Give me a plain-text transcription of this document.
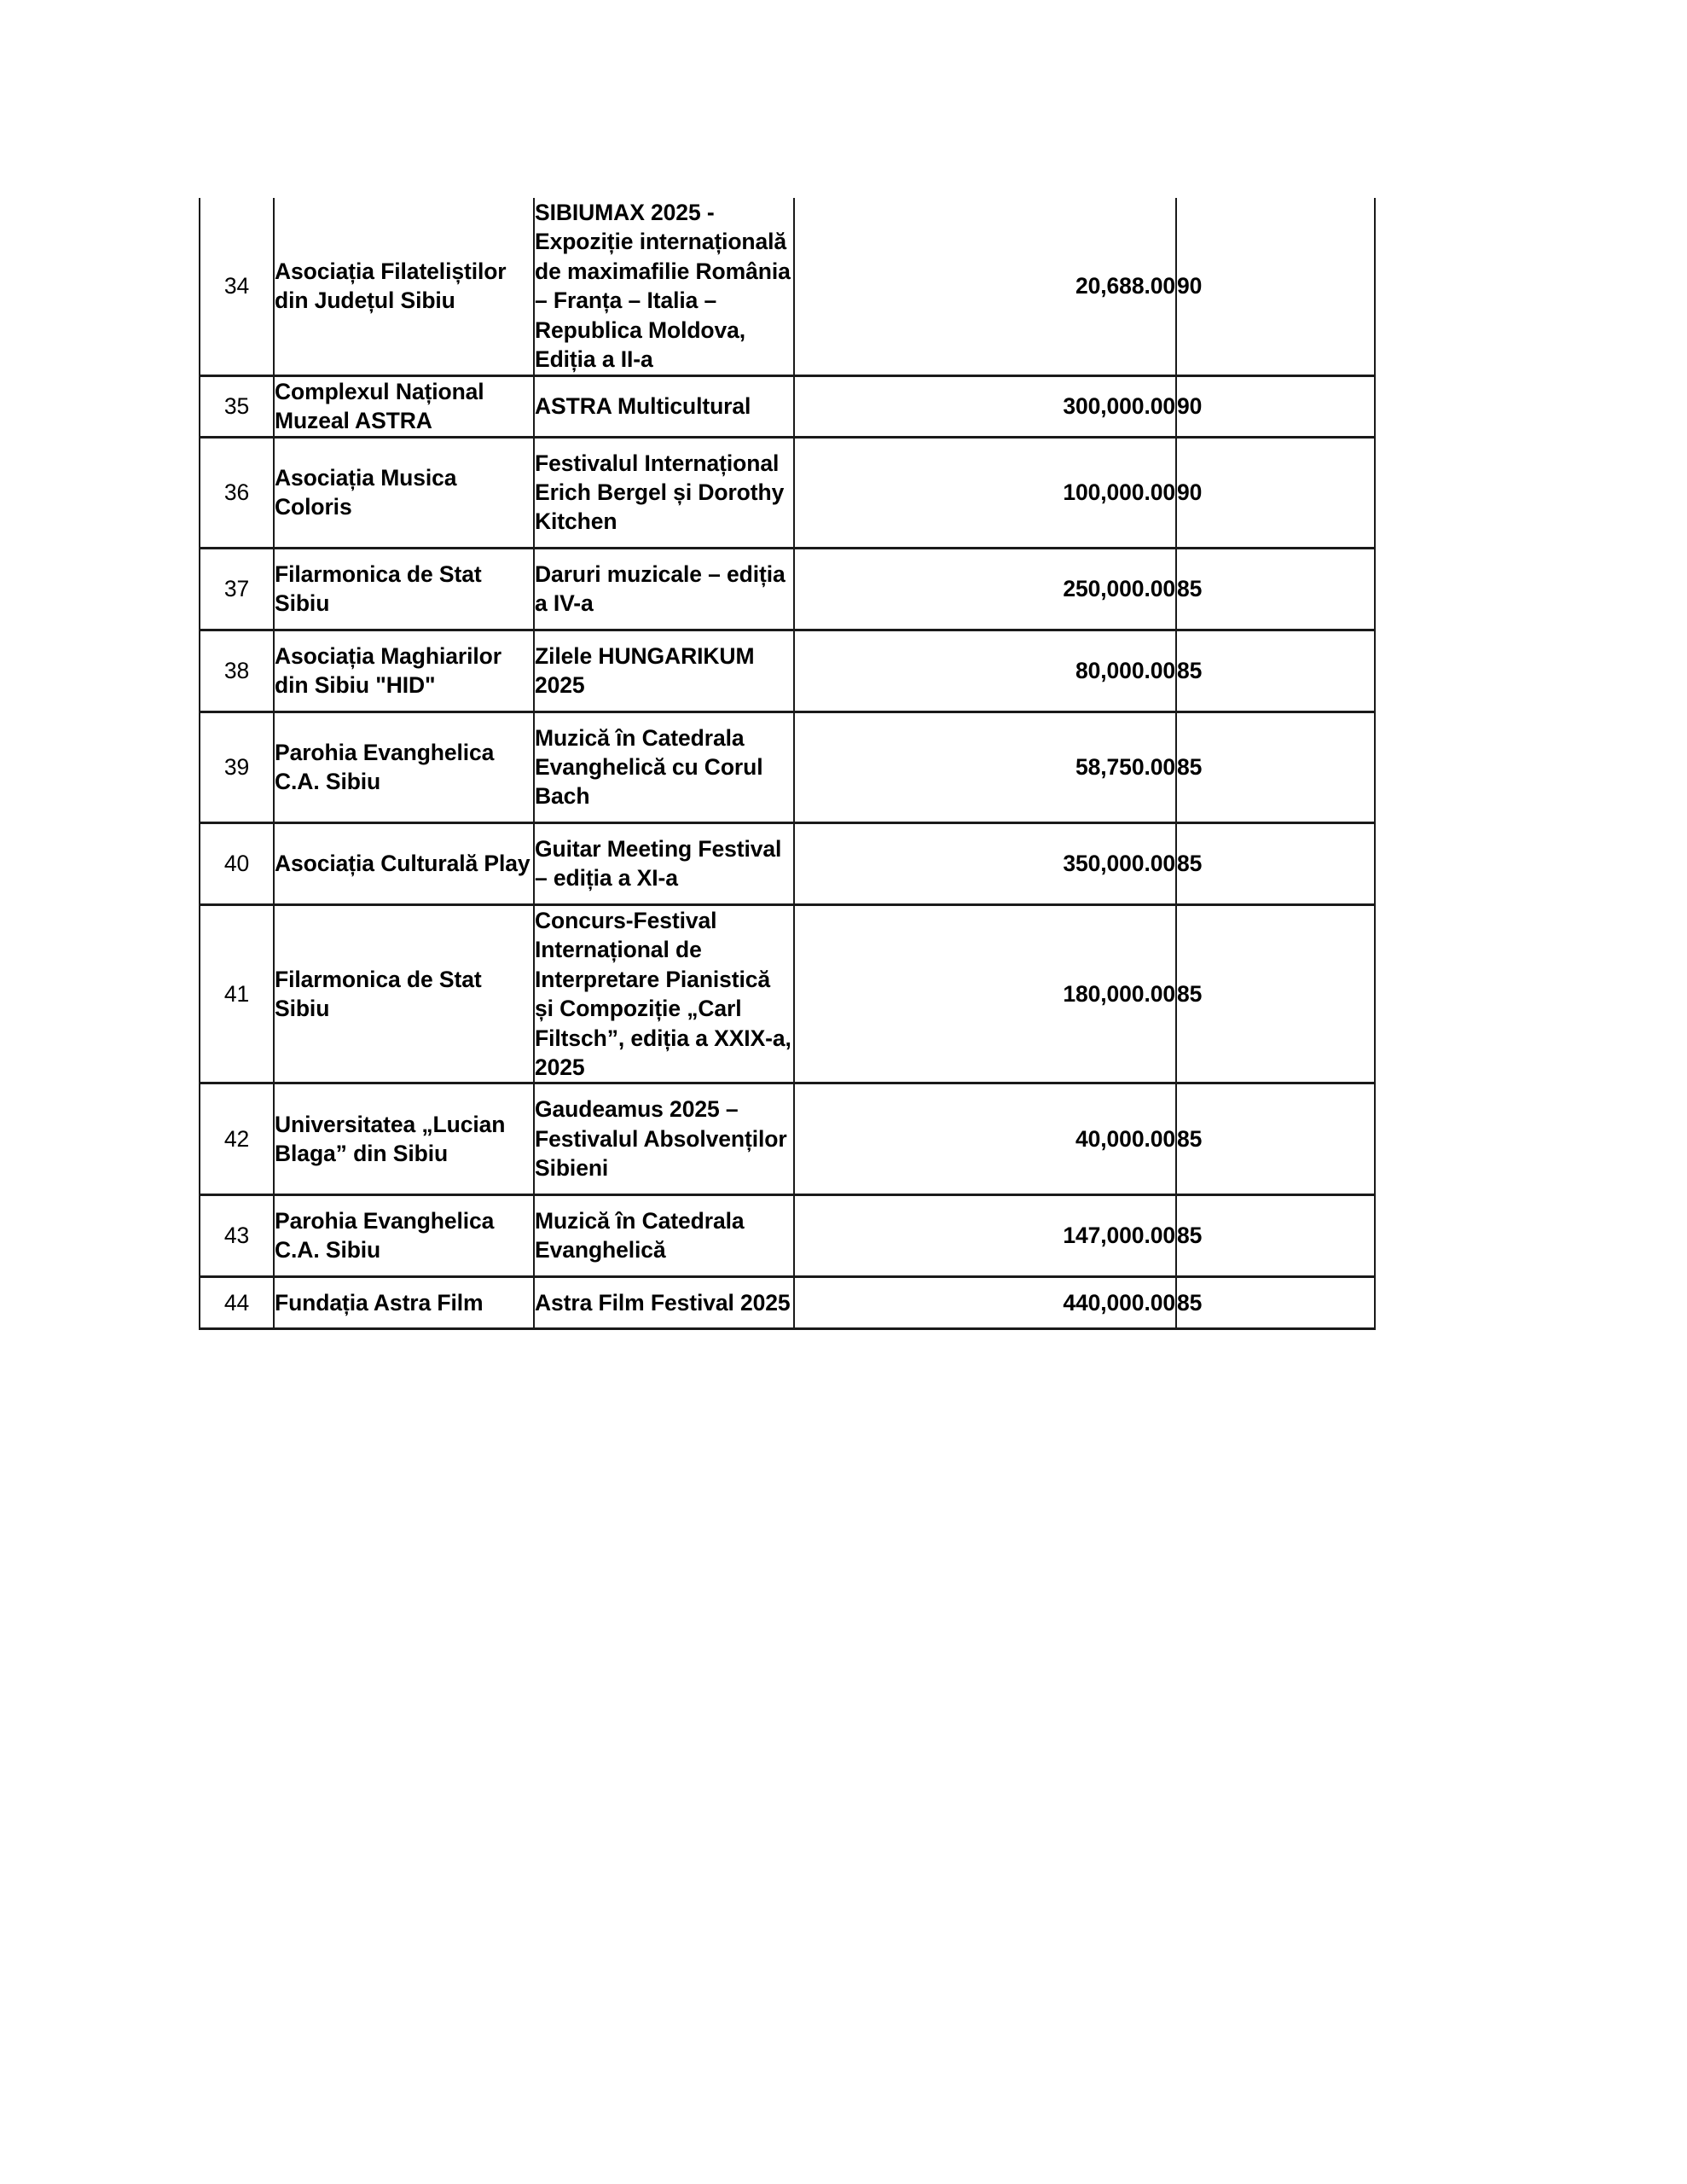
34	Asociația Filateliștilor din Județul Sibiu	SIBIUMAX 2025 - Expoziție internațională de maximafilie România – Franța – Italia – Republica Moldova, Ediția a II-a	20,688.00	90
35	Complexul Național Muzeal ASTRA	ASTRA Multicultural	300,000.00	90
36	Asociația Musica Coloris	Festivalul Internațional Erich Bergel și Dorothy Kitchen	100,000.00	90
37	Filarmonica de Stat Sibiu	Daruri muzicale – ediția a IV-a	250,000.00	85
38	Asociația Maghiarilor din Sibiu "HID"	Zilele HUNGARIKUM 2025	80,000.00	85
39	Parohia Evanghelica C.A. Sibiu	Muzică în Catedrala Evanghelică cu Corul Bach	58,750.00	85
40	Asociația Culturală Play	Guitar Meeting Festival – ediția a XI-a	350,000.00	85
41	Filarmonica de Stat Sibiu	Concurs-Festival Internațional de Interpretare Pianistică și Compoziție „Carl Filtsch”, ediția a XXIX-a, 2025	180,000.00	85
42	Universitatea „Lucian Blaga” din Sibiu	Gaudeamus 2025 – Festivalul Absolvenților Sibieni	40,000.00	85
43	Parohia Evanghelica C.A. Sibiu	Muzică în Catedrala Evanghelică	147,000.00	85
44	Fundația Astra Film	Astra Film Festival 2025	440,000.00	85
